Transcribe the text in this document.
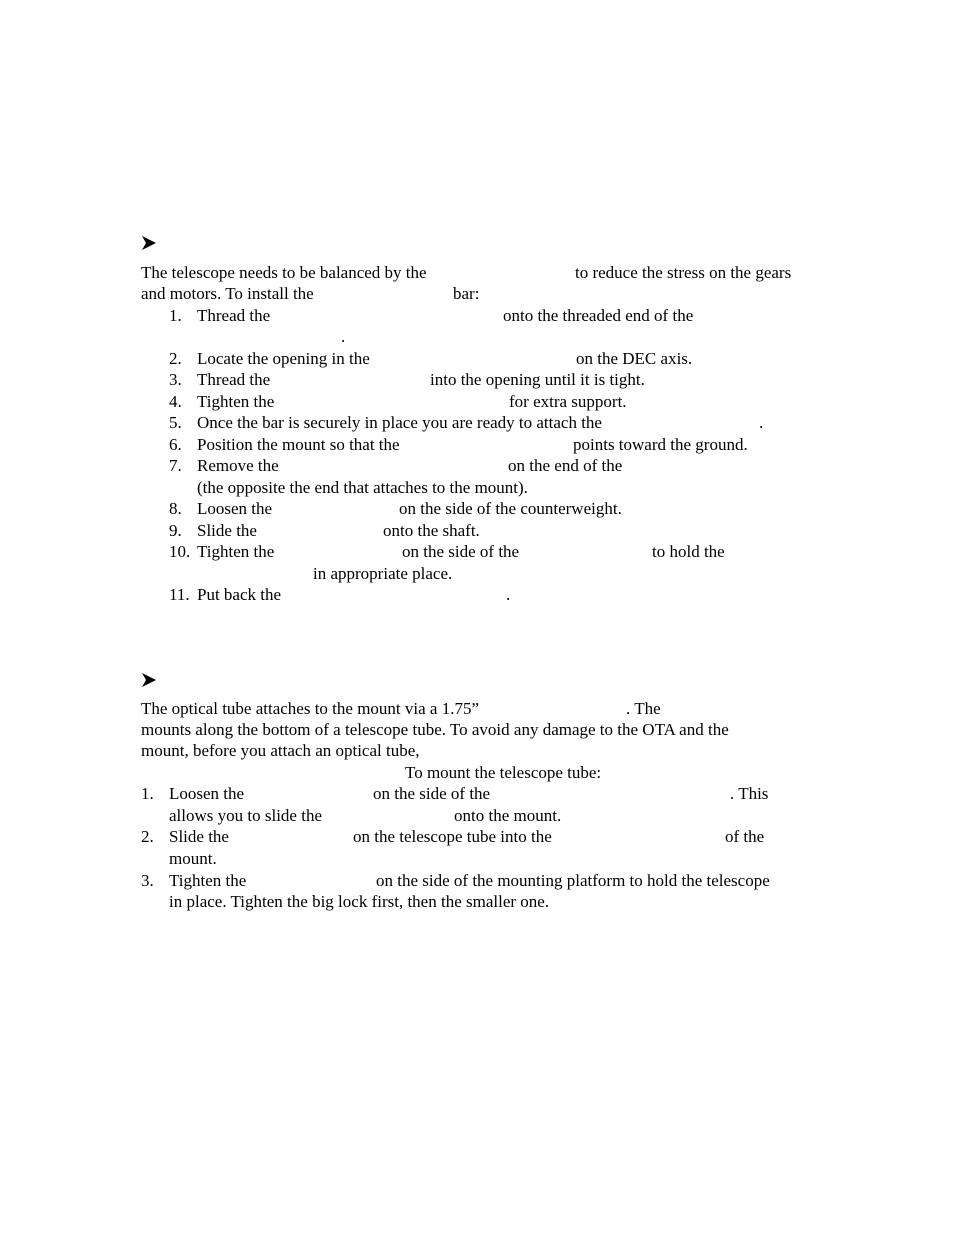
The telescope needs to be balanced by the	to reduce the stress on the gears
and motors. To install the	bar:
1. Thread the	onto the threaded end of the
.
2. Locate the opening in the	on the DEC axis.
3. Thread the	into the opening until it is tight.
4. Tighten the	for extra support.
5. Once the bar is securely in place you are ready to attach the	.
6. Position the mount so that the	points toward the ground.
7. Remove the	on the end of the
(the opposite the end that attaches to the mount).
8. Loosen the	on the side of the counterweight.
9. Slide the	onto the shaft.
10. Tighten the	on the side of the	to hold the
in appropriate place.
11. Put back the	.
The optical tube attaches to the mount via a 1.75”	. The
mounts along the bottom of a telescope tube. To avoid any damage to the OTA and the
mount, before you attach an optical tube,
To mount the telescope tube:
1. Loosen the	on the side of the	. This
allows you to slide the	onto the mount.
2. Slide the	on the telescope tube into the	of the
mount.
3. Tighten the	on the side of the mounting platform to hold the telescope
in place. Tighten the big lock first, then the smaller one.
